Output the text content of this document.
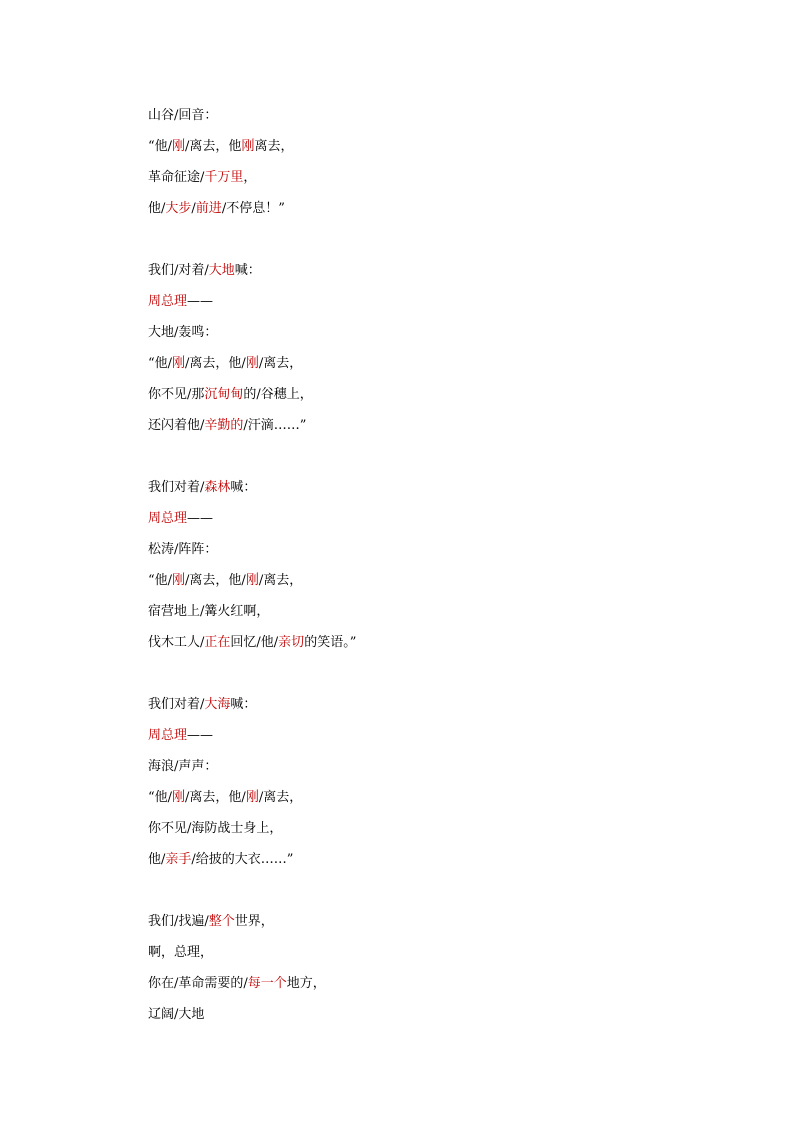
山谷/回音：
“他/刚/离去，他刚离去，
革命征途/千万里，
他/大步/前进/不停息！”
我们/对着/大地喊：
周总理——
大地/轰鸣：
“他/刚/离去，他/刚/离去，
你不见/那沉甸甸的/谷穗上，
还闪着他/辛勤的/汗滴……”
我们对着/森林喊：
周总理——
松涛/阵阵：
“他/刚/离去，他/刚/离去，
宿营地上/篝火红啊，
伐木工人/正在回忆/他/亲切的笑语。”
我们对着/大海喊：
周总理——
海浪/声声：
“他/刚/离去，他/刚/离去，
你不见/海防战士身上，
他/亲手/给披的大衣……”
我们/找遍/整个世界，
啊，总理，
你在/革命需要的/每一个地方，
辽阔/大地
